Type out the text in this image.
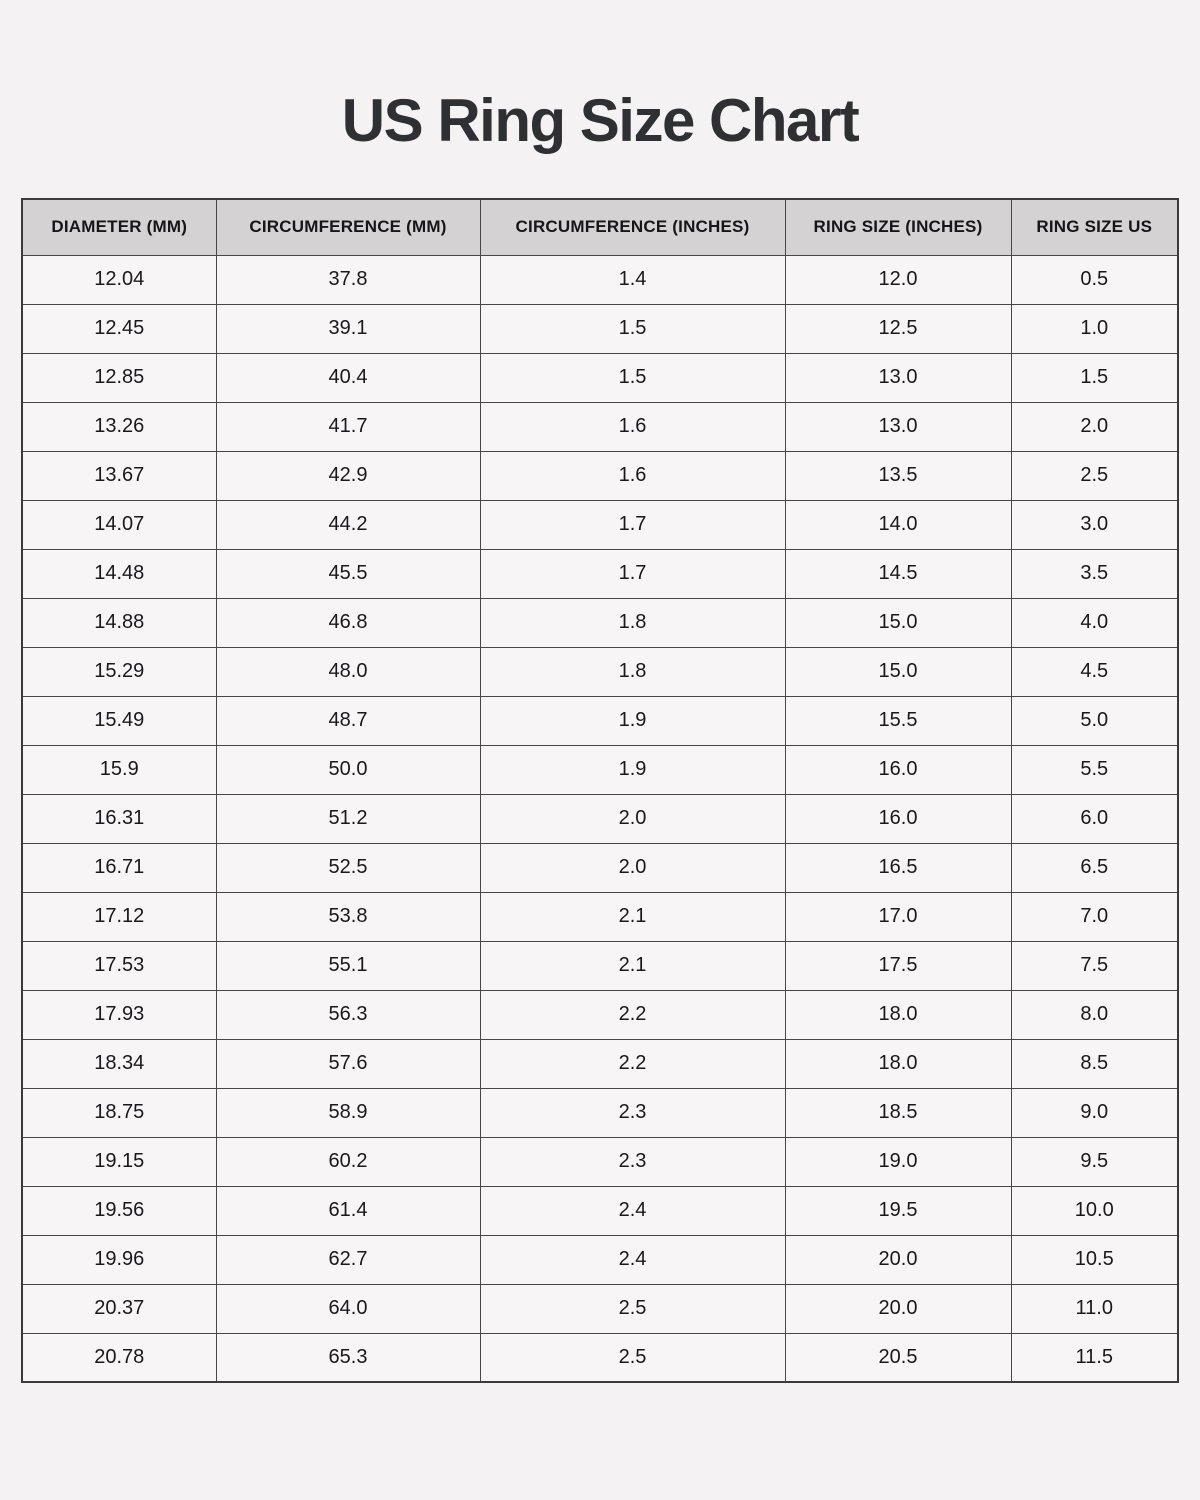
US Ring Size Chart
DIAMETER (MM)	CIRCUMFERENCE (MM)	CIRCUMFERENCE (INCHES)	RING SIZE (INCHES)	RING SIZE US
12.04	37.8	1.4	12.0	0.5
12.45	39.1	1.5	12.5	1.0
12.85	40.4	1.5	13.0	1.5
13.26	41.7	1.6	13.0	2.0
13.67	42.9	1.6	13.5	2.5
14.07	44.2	1.7	14.0	3.0
14.48	45.5	1.7	14.5	3.5
14.88	46.8	1.8	15.0	4.0
15.29	48.0	1.8	15.0	4.5
15.49	48.7	1.9	15.5	5.0
15.9	50.0	1.9	16.0	5.5
16.31	51.2	2.0	16.0	6.0
16.71	52.5	2.0	16.5	6.5
17.12	53.8	2.1	17.0	7.0
17.53	55.1	2.1	17.5	7.5
17.93	56.3	2.2	18.0	8.0
18.34	57.6	2.2	18.0	8.5
18.75	58.9	2.3	18.5	9.0
19.15	60.2	2.3	19.0	9.5
19.56	61.4	2.4	19.5	10.0
19.96	62.7	2.4	20.0	10.5
20.37	64.0	2.5	20.0	11.0
20.78	65.3	2.5	20.5	11.5
